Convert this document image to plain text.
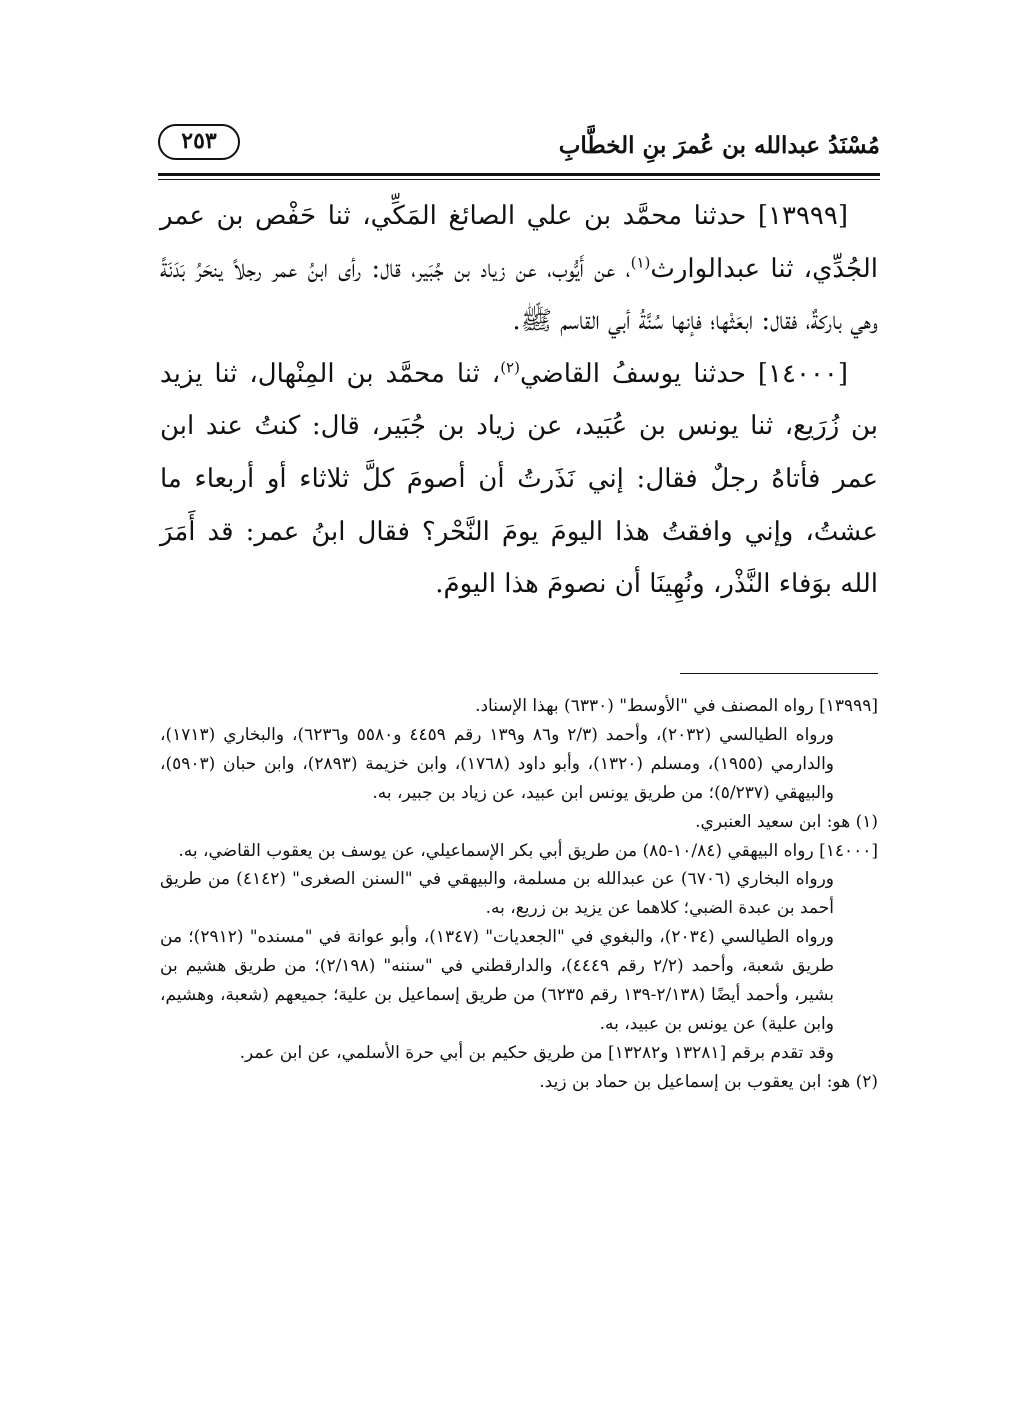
مُسْنَدُ عبدالله بن عُمرَ بنِ الخطَّابِ
٢٥٣

[١٣٩٩٩] حدثنا محمَّد بن علي الصائغ المَكِّي، ثنا حَفْص بن عمر الجُدِّي، ثنا عبدالوارث$^{(١)}$، عن أَيُّوب، عن زياد بن جُبَير، قال: رأى ابنُ عمر رجلاً ينحَرُ بَدَنَةً وهي باركةٌ، فقال: ابعَثْها؛ فإنها سُنَّةُ أبي القاسم ﷺ.

[١٤٠٠٠] حدثنا يوسفُ القاضي$^{(٢)}$، ثنا محمَّد بن المِنْهال، ثنا يزيد بن زُرَيع، ثنا يونس بن عُبَيد، عن زياد بن جُبَير، قال: كنتُ عند ابن عمر فأتاهُ رجلٌ فقال: إني نَذَرتُ أن أصومَ كلَّ ثلاثاء أو أربعاء ما عشتُ، وإني وافقتُ هذا اليومَ يومَ النَّحْر؟ فقال ابنُ عمر: قد أَمَرَ الله بوَفاء النَّذْر، ونُهِينَا أن نصومَ هذا اليومَ.

[١٣٩٩٩] رواه المصنف في "الأوسط" (٦٣٣٠) بهذا الإسناد.

ورواه الطيالسي (٢٠٣٢)، وأحمد (٢/٣ و٨٦ و١٣٩ رقم ٤٤٥٩ و٥٥٨٠ و٦٢٣٦)، والبخاري (١٧١٣)، والدارمي (١٩٥٥)، ومسلم (١٣٢٠)، وأبو داود (١٧٦٨)، وابن خزيمة (٢٨٩٣)، وابن حبان (٥٩٠٣)، والبيهقي (٥/٢٣٧)؛ من طريق يونس ابن عبيد، عن زياد بن جبير، به.

(١) هو: ابن سعيد العنبري.

[١٤٠٠٠] رواه البيهقي (١٠/٨٤-٨٥) من طريق أبي بكر الإسماعيلي، عن يوسف بن يعقوب القاضي، به.

ورواه البخاري (٦٧٠٦) عن عبدالله بن مسلمة، والبيهقي في "السنن الصغرى" (٤١٤٢) من طريق أحمد بن عبدة الضبي؛ كلاهما عن يزيد بن زريع، به.

ورواه الطيالسي (٢٠٣٤)، والبغوي في "الجعديات" (١٣٤٧)، وأبو عوانة في "مسنده" (٢٩١٢)؛ من طريق شعبة، وأحمد (٢/٢ رقم ٤٤٤٩)، والدارقطني في "سننه" (٢/١٩٨)؛ من طريق هشيم بن بشير، وأحمد أيضًا (٢/١٣٨-١٣٩ رقم ٦٢٣٥) من طريق إسماعيل بن علية؛ جميعهم (شعبة، وهشيم، وابن علية) عن يونس بن عبيد، به.

وقد تقدم برقم [١٣٢٨١ و١٣٢٨٢] من طريق حكيم بن أبي حرة الأسلمي، عن ابن عمر.

(٢) هو: ابن يعقوب بن إسماعيل بن حماد بن زيد.
